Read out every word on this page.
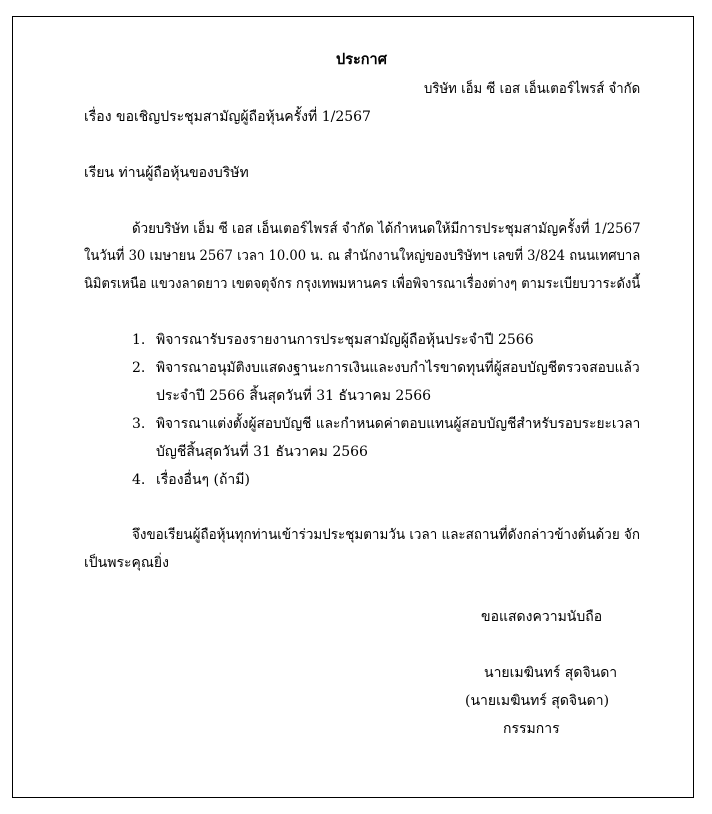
ประกาศ
บริษัท เอ็ม ซี เอส เอ็นเตอร์ไพรส์ จำกัด
เรื่อง ขอเชิญประชุมสามัญผู้ถือหุ้นครั้งที่ 1/2567
เรียน ท่านผู้ถือหุ้นของบริษัท
ด้วยบริษัท เอ็ม ซี เอส เอ็นเตอร์ไพรส์ จำกัด ได้กำหนดให้มีการประชุมสามัญครั้งที่ 1/2567
ในวันที่ 30 เมษายน 2567 เวลา 10.00 น. ณ สำนักงานใหญ่ของบริษัทฯ เลขที่ 3/824 ถนนเทศบาล
นิมิตรเหนือ แขวงลาดยาว เขตจตุจักร กรุงเทพมหานคร เพื่อพิจารณาเรื่องต่างๆ ตามระเบียบวาระดังนี้
1. พิจารณารับรองรายงานการประชุมสามัญผู้ถือหุ้นประจำปี 2566
2. พิจารณาอนุมัติงบแสดงฐานะการเงินและงบกำไรขาดทุนที่ผู้สอบบัญชีตรวจสอบแล้ว
ประจำปี 2566 สิ้นสุดวันที่ 31 ธันวาคม 2566
3. พิจารณาแต่งตั้งผู้สอบบัญชี และกำหนดค่าตอบแทนผู้สอบบัญชีสำหรับรอบระยะเวลา
บัญชีสิ้นสุดวันที่ 31 ธันวาคม 2566
4. เรื่องอื่นๆ (ถ้ามี)
จึงขอเรียนผู้ถือหุ้นทุกท่านเข้าร่วมประชุมตามวัน เวลา และสถานที่ดังกล่าวข้างต้นด้วย จัก
เป็นพระคุณยิ่ง
ขอแสดงความนับถือ
นายเมฆินทร์ สุดจินดา
(นายเมฆินทร์ สุดจินดา)
กรรมการ
